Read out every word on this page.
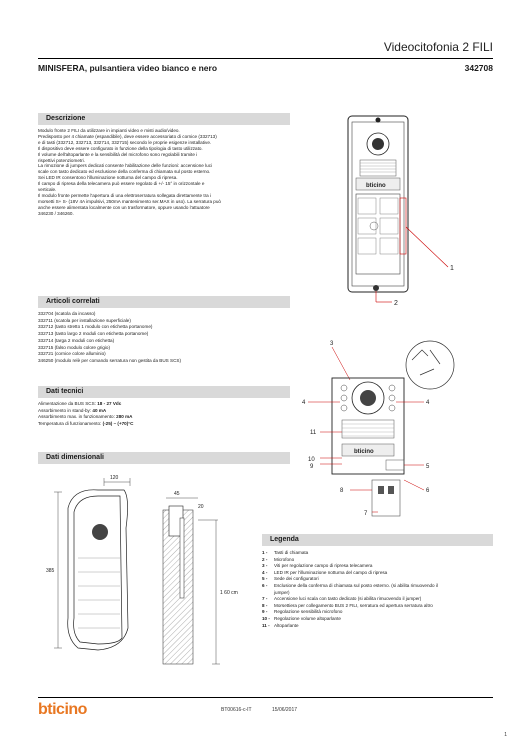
Videocitofonia 2 FILI
MINISFERA, pulsantiera video bianco e nero	342708
Descrizione

Modulo fronte 2 FILI da utilizzare in impianti video e misti audio/video.

Predisposto per 4 chiamate (espandibile), deve essere accessoriato di cornice (332713)

e di tasti (332712, 332713, 332714, 332715) secondo le proprie esigenze installative.

Il dispositivo deve essere configurato in funzione della tipologia di tasto utilizzato.

Il volume dell'altoparlante e la sensibilità del microfono sono regolabili tramite i

rispettivi potenziometri.

La rimozione di jumpers dedicati consente l'abilitazione delle funzioni: accensione luci

scale con tasto dedicato ed esclusione della conferma di chiamata sul posto esterno.

Sei LED IR consentono l'illuminazione notturna del campo di ripresa.

Il campo di ripresa della telecamera può essere regolato di +/- 15° in orizzontale e

verticale.

Il modulo fronte permette l'apertura di una elettroserratura sollegata direttamente tra i

morsetti S+ S- (18V 4A impulsivi, 250mA mantenimento ser.MAX in uso). La serratura può

anche essere alimentata localmente con un trasformatore, oppure usando l'attuatore

346230 / 346260.

Articoli correlati
332704 (scatola da incasso)
332711 (scatola per installazione superficiale)
332712 (tasto stretto 1 modulo con etichetta portanome)
332713 (tasto largo 2 moduli con etichetta portanome)
332714 (targa 2 moduli con etichetta)
332715 (falso modulo colore grigio)
332721 (cornice colore alluminio)
346250 (modulo relè per comando serratura non gestita da BUS SCS)
Dati tecnici
Alimentazione da BUS SCS: 18 - 27 Vdc
Assorbimento in stand-by: 40 mA
Assorbimento max. in funzionamento: 280 mA
Temperatura di funzionamento: (-25) – (+70)°C
Dati dimensionali
bticino
1
2
3
bticino
4	4
11
10
9	5
6
8
7
385
120
45
20
1 60 cm
Legenda
1 -	Tasti di chiamata
2 -	Microfono
3 -	Viti per regolazione campo di ripresa telecamera
4 -	LED IR per l'illuminazione notturna del campo di ripresa
5 -	Sede dei configuratori
6 -	Esclusione della conferma di chiamata sul posto esterno. (si abilita rimuovendo il
jumper)
7 -	Accensione luci scala con tasto dedicato (si abilita rimuovendo il jumper)
8 -	Morsettiera per collegamento BUS 2 FILI, serratura ed apertura serratura altro
9 -	Regolazione sensibilità microfono
10 - Regolazione volume altoparlante
11 - Altoparlante
bticino	BT00616-c-IT	15/06/2017
1
